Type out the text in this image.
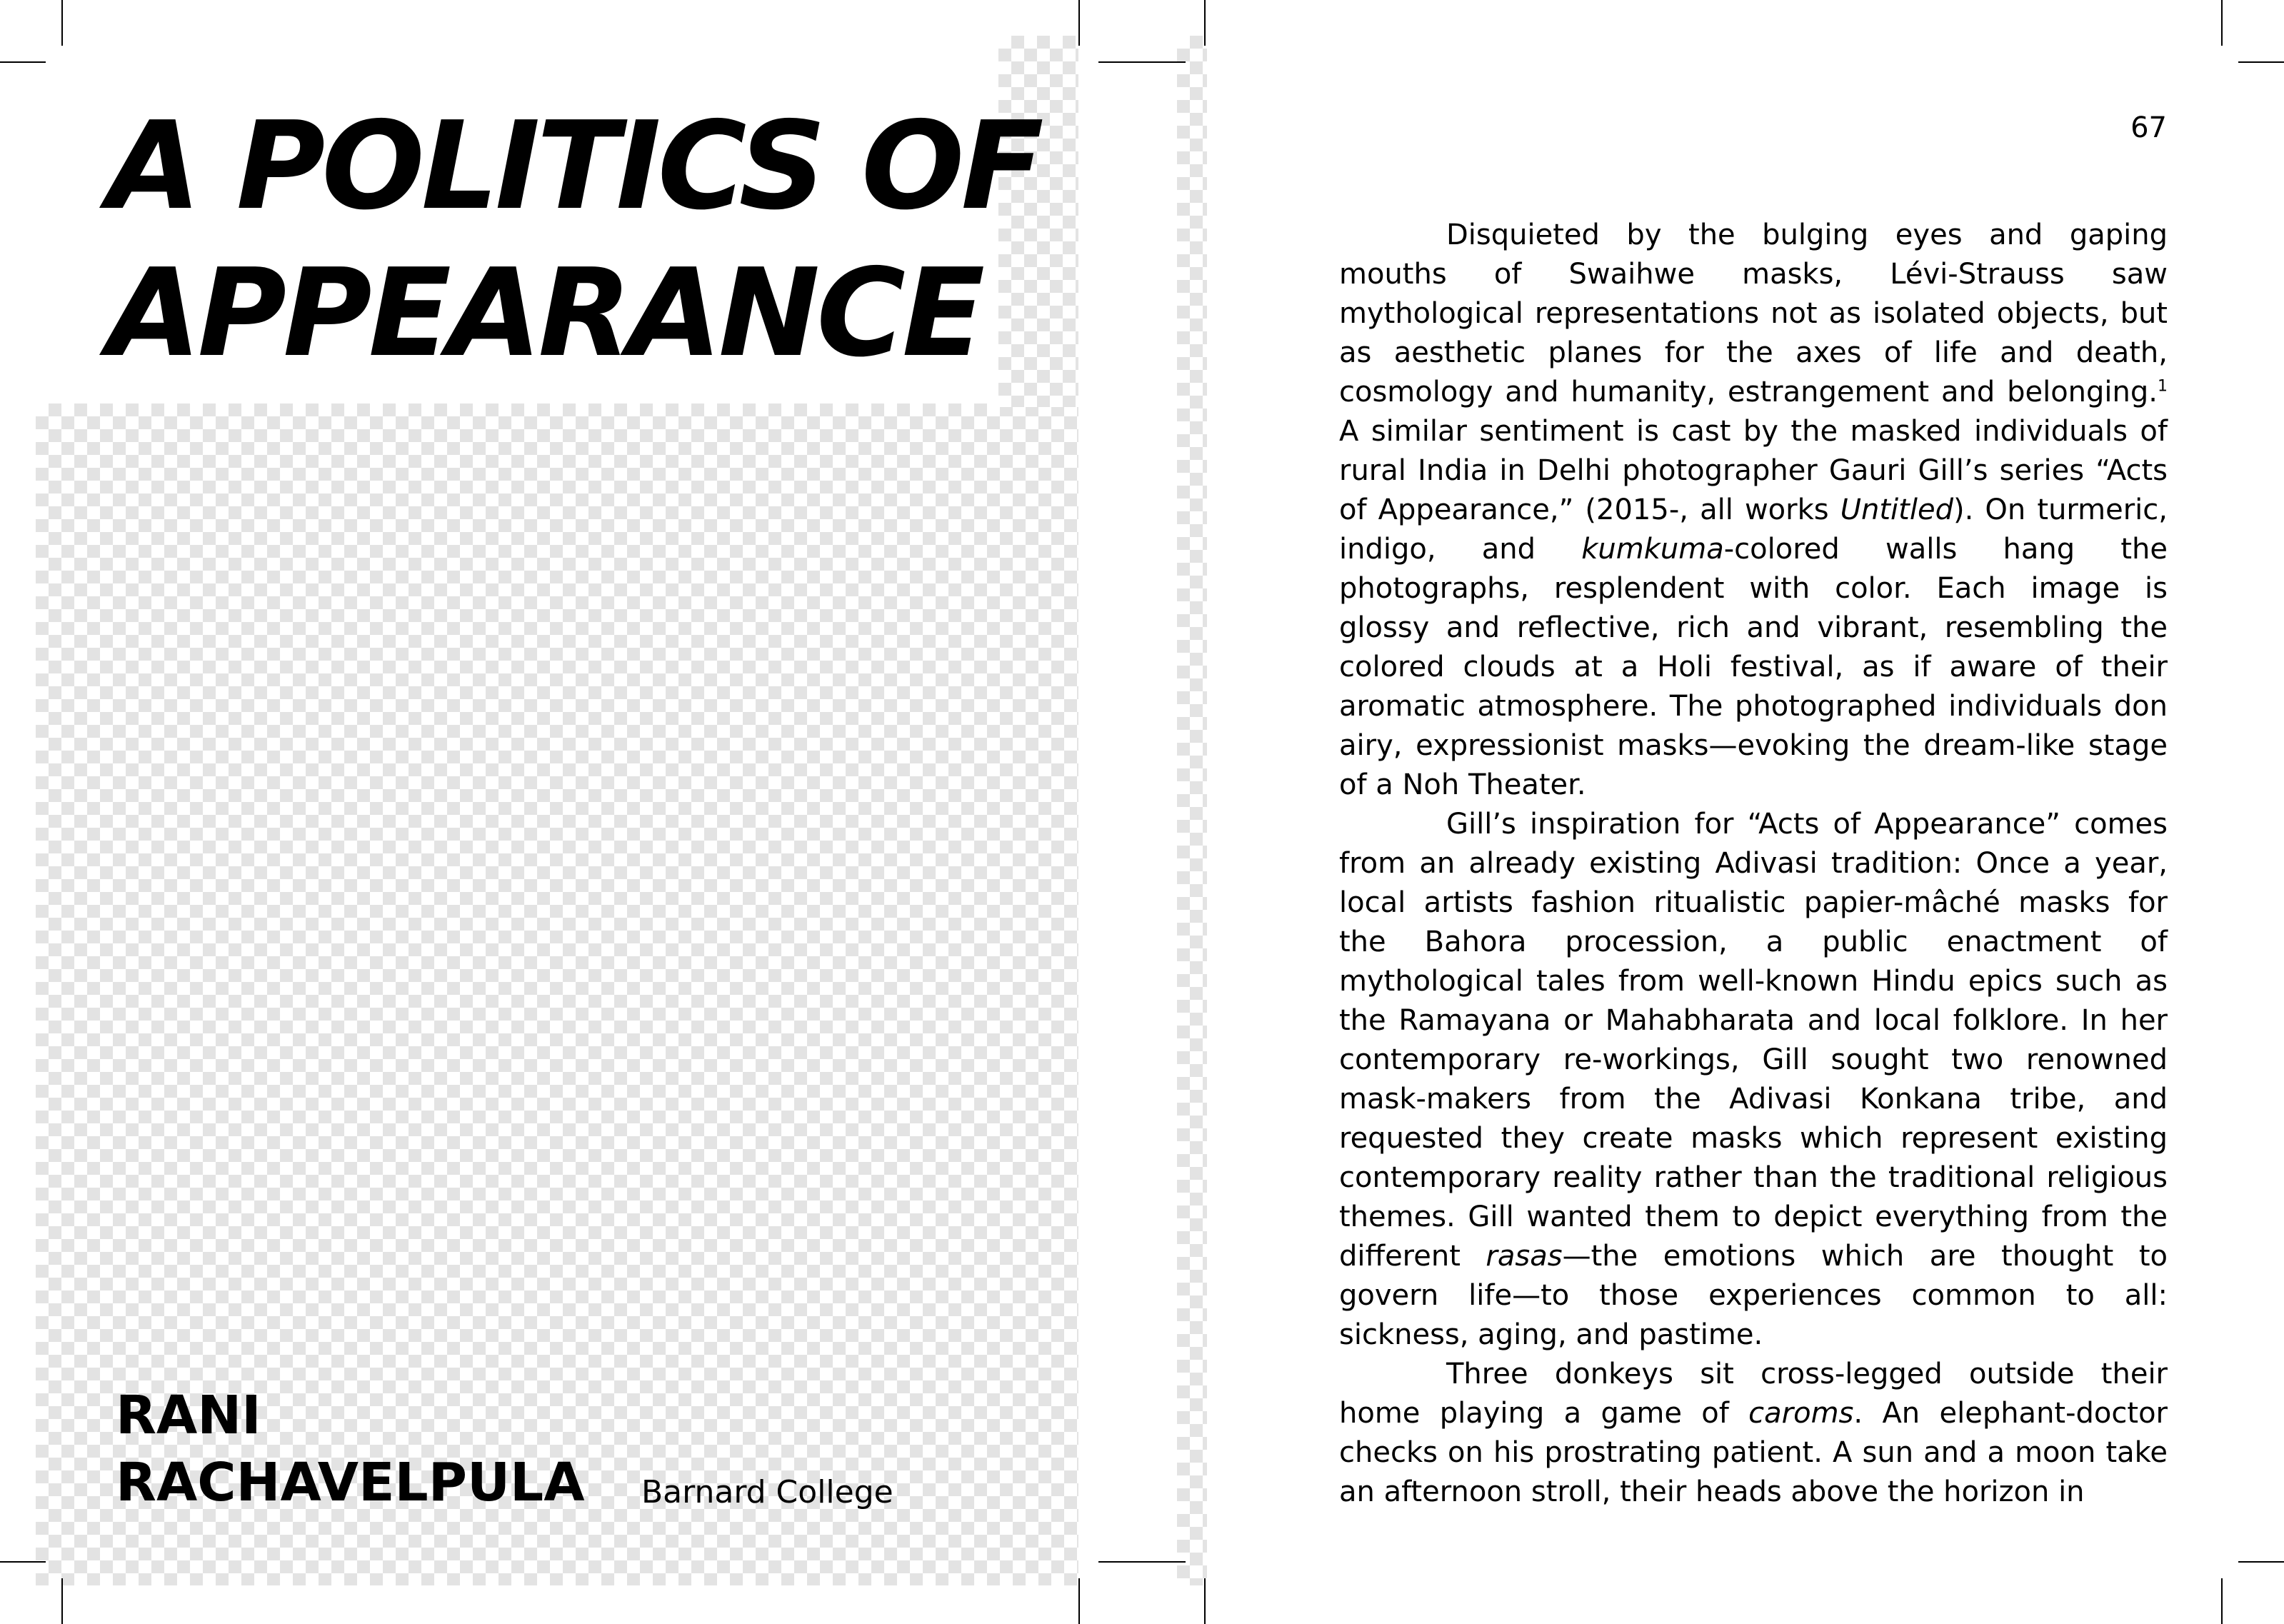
A POLITICS OF
APPEARANCE
RANI
RACHAVELPULA Barnard College
67

Disquieted by the bulging eyes and gaping mouths of Swaihwe masks, Lévi-Strauss saw mythological representations not as isolated objects, but as aesthetic planes for the axes of life and death, cosmology and humanity, estrangement and belonging.$^1$ A similar sentiment is cast by the masked individuals of rural India in Delhi photographer Gauri Gill’s series “Acts of Appearance,” (2015-, all works Untitled). On turmeric, indigo, and kumkuma-colored walls hang the photographs, resplendent with color. Each image is glossy and reflective, rich and vibrant, resembling the colored clouds at a Holi festival, as if aware of their aromatic atmosphere. The photographed individuals don airy, expressionist masks—evoking the dream-like stage of a Noh Theater.

Gill’s inspiration for “Acts of Appearance” comes from an already existing Adivasi tradition: Once a year, local artists fashion ritualistic papier-mâché masks for the Bahora procession, a public enactment of mythological tales from well-known Hindu epics such as the Ramayana or Mahabharata and local folklore. In her contemporary re-workings, Gill sought two renowned mask-makers from the Adivasi Konkana tribe, and requested they create masks which represent existing contemporary reality rather than the traditional religious themes. Gill wanted them to depict everything from the different rasas—the emotions which are thought to govern life—to those experiences common to all: sickness, aging, and pastime.

Three donkeys sit cross-legged outside their home playing a game of caroms. An elephant-doctor checks on his prostrating patient. A sun and a moon take an afternoon stroll, their heads above the horizon in
